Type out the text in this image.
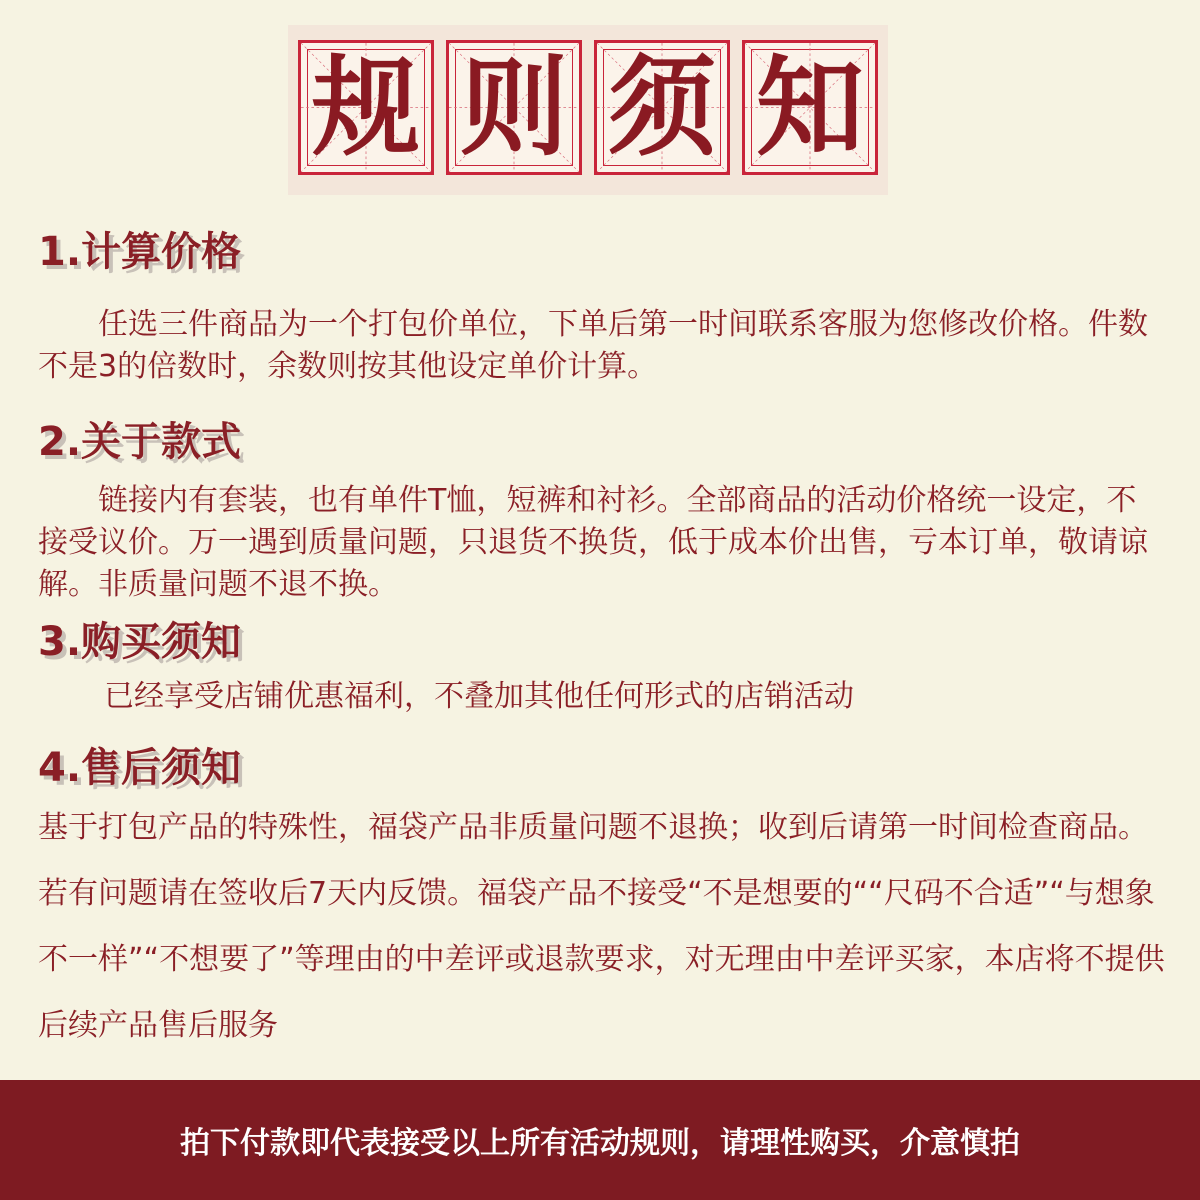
规 则 须 知
1.计算价格

任选三件商品为一个打包价单位，下单后第一时间联系客服为您修改价格。件数不是3的倍数时，余数则按其他设定单价计算。

2.关于款式

链接内有套装，也有单件T恤，短裤和衬衫。全部商品的活动价格统一设定，不接受议价。万一遇到质量问题，只退货不换货，低于成本价出售，亏本订单，敬请谅解。非质量问题不退不换。

3.购买须知

已经享受店铺优惠福利，不叠加其他任何形式的店销活动

4.售后须知

基于打包产品的特殊性，福袋产品非质量问题不退换；收到后请第一时间检查商品。若有问题请在签收后7天内反馈。福袋产品不接受“不是想要的““尺码不合适”“与想象不一样”“不想要了”等理由的中差评或退款要求，对无理由中差评买家，本店将不提供后续产品售后服务

拍下付款即代表接受以上所有活动规则，请理性购买，介意慎拍
